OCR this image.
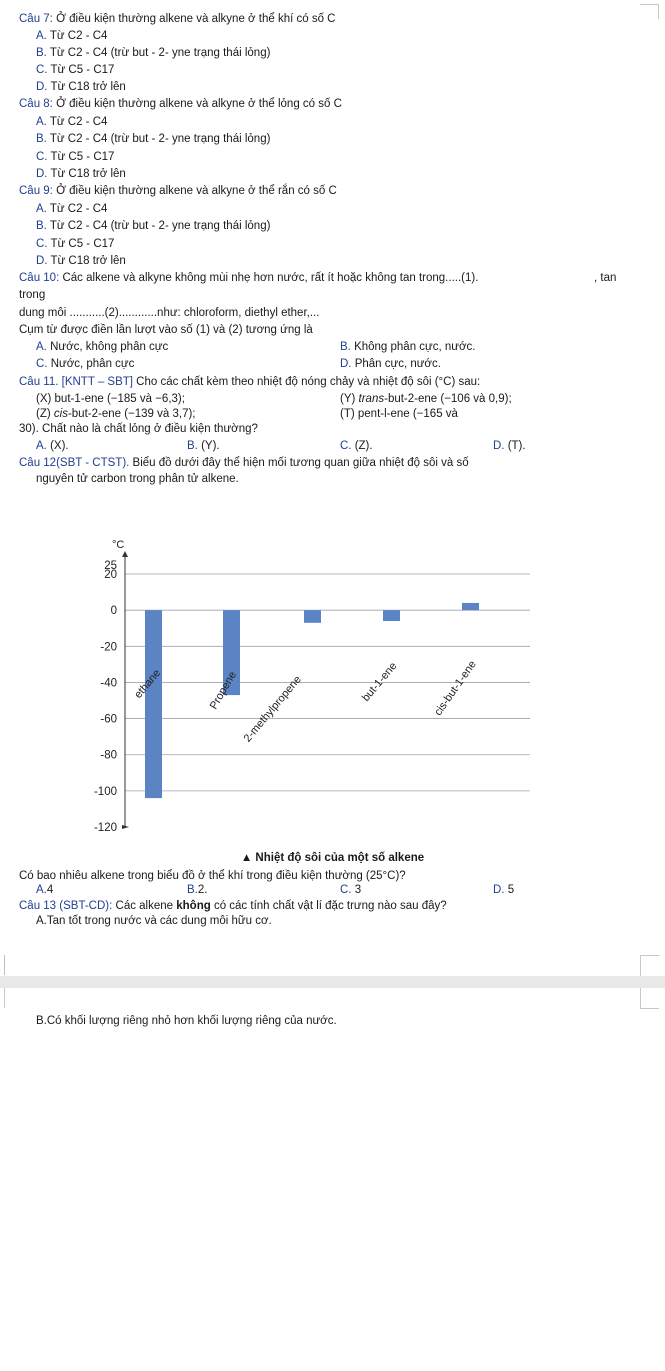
Câu 7: Ở điều kiện thường alkene và alkyne ở thể khí có số C
A. Từ C2 - C4
B. Từ C2 - C4 (trừ but - 2- yne trạng thái lỏng)
C. Từ C5 - C17
D. Từ C18 trở lên
Câu 8: Ở điều kiện thường alkene và alkyne ở thể lỏng có số C
A. Từ C2 - C4
B. Từ C2 - C4 (trừ but - 2- yne trạng thái lỏng)
C. Từ C5 - C17
D. Từ C18 trở lên
Câu 9: Ở điều kiện thường alkene và alkyne ở thể rắn có số C
A. Từ C2 - C4
B. Từ C2 - C4 (trừ but - 2- yne trạng thái lỏng)
C. Từ C5 - C17
D. Từ C18 trở lên
Câu 10: Các alkene và alkyne không mùi nhẹ hơn nước, rất ít hoặc không tan trong.....(1).	, tan
trong
dung môi ...........(2)............như: chloroform, diethyl ether,...
Cụm từ được điền lần lượt vào số (1) và (2) tương ứng là
A. Nước, không phân cực	B. Không phân cực, nước.
C. Nước, phân cực	D. Phân cực, nước.
Câu 11. [KNTT – SBT] Cho các chất kèm theo nhiệt độ nóng chảy và nhiệt độ sôi (°C) sau:
(X) but-1-ene (−185 và −6,3);	(Y) trans-but-2-ene (−106 và 0,9);
(Z) cis-but-2-ene (−139 và 3,7);	(T) pent-l-ene (−165 và
30). Chất nào là chất lỏng ở điều kiện thường?
A. (X).	B. (Y).	C. (Z).	D. (T).
Câu 12(SBT - CTST). Biểu đồ dưới đây thể hiện mối tương quan giữa nhiệt độ sôi và số
nguyên tử carbon trong phân tử alkene.
°C
25
20
0
-20
-40
-60
-80
-100
-120
ethane	Propene 2-methylpropene	but-1-ene	cis-but-1-ene
▲ Nhiệt độ sôi của một số alkene
Có bao nhiêu alkene trong biểu đồ ở thể khí trong điều kiện thường (25°C)?
A.4	B.2.	C. 3	D. 5
Câu 13 (SBT-CD): Các alkene không có các tính chất vật lí đặc trưng nào sau đây?
A.Tan tốt trong nước và các dung môi hữu cơ.
B.Có khối lượng riêng nhỏ hơn khối lượng riêng của nước.
